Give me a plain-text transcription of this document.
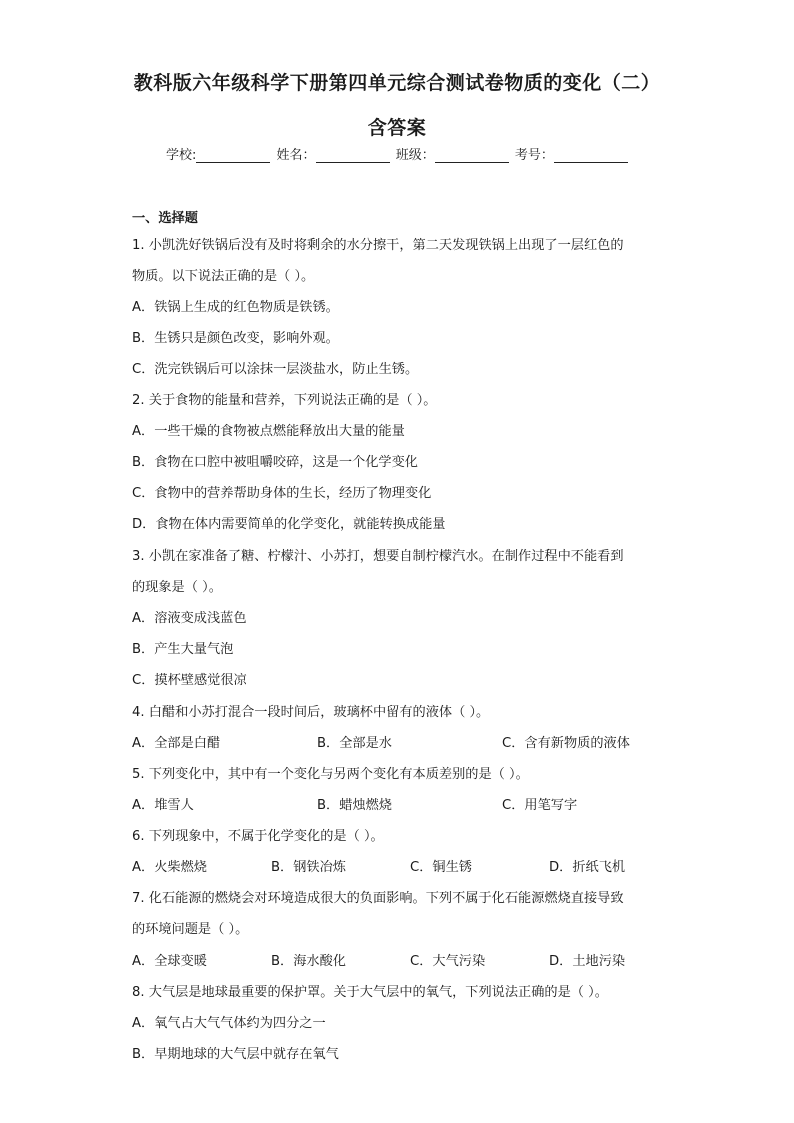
教科版六年级科学下册第四单元综合测试卷物质的变化（二）
含答案
学校:	姓名：	班级：	考号：
一、选择题
1. 小凯洗好铁锅后没有及时将剩余的水分擦干，第二天发现铁锅上出现了一层红色的
物质。以下说法正确的是（ ）。
A．铁锅上生成的红色物质是铁锈。
B．生锈只是颜色改变，影响外观。
C．洗完铁锅后可以涂抹一层淡盐水，防止生锈。
2. 关于食物的能量和营养，下列说法正确的是（ ）。
A．一些干燥的食物被点燃能释放出大量的能量
B．食物在口腔中被咀嚼咬碎，这是一个化学变化
C．食物中的营养帮助身体的生长，经历了物理变化
D．食物在体内需要简单的化学变化，就能转换成能量
3. 小凯在家准备了糖、柠檬汁、小苏打，想要自制柠檬汽水。在制作过程中不能看到
的现象是（ ）。
A．溶液变成浅蓝色
B．产生大量气泡
C．摸杯壁感觉很凉
4. 白醋和小苏打混合一段时间后，玻璃杯中留有的液体（ ）。
A．全部是白醋	B．全部是水	C．含有新物质的液体
5. 下列变化中，其中有一个变化与另两个变化有本质差别的是（ ）。
A．堆雪人	B．蜡烛燃烧	C．用笔写字
6. 下列现象中，不属于化学变化的是（ ）。
A．火柴燃烧	B．钢铁冶炼	C．铜生锈	D．折纸飞机
7. 化石能源的燃烧会对环境造成很大的负面影响。下列不属于化石能源燃烧直接导致
的环境问题是（ ）。
A．全球变暖	B．海水酸化	C．大气污染	D．土地污染
8. 大气层是地球最重要的保护罩。关于大气层中的氧气，下列说法正确的是（ ）。
A．氧气占大气气体约为四分之一
B．早期地球的大气层中就存在氧气
